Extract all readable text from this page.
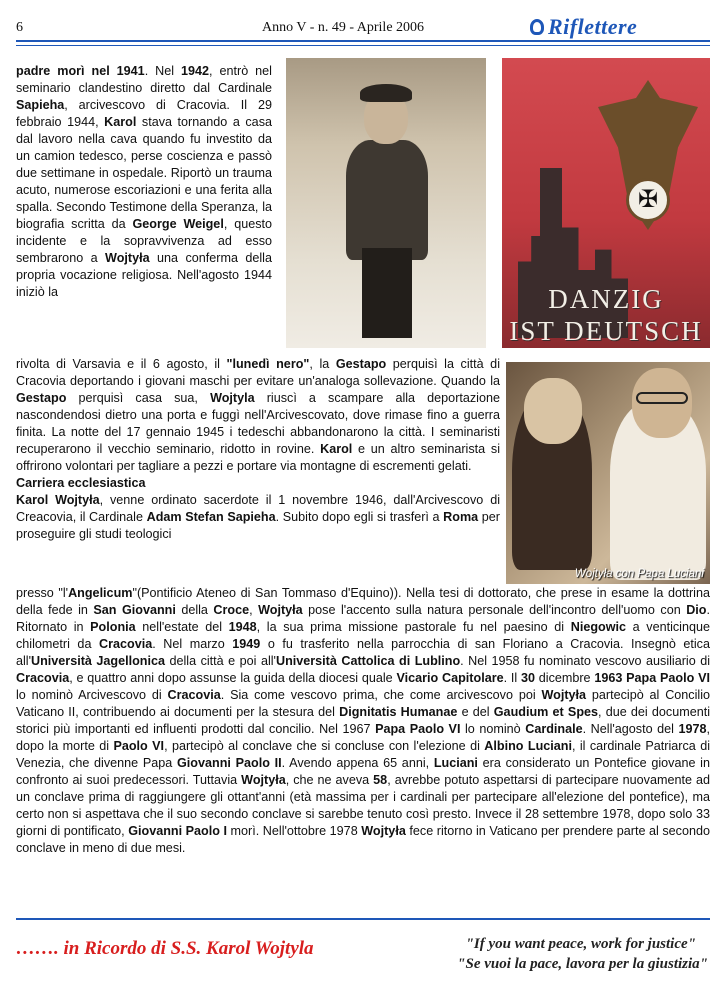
6	Anno V - n. 49 - Aprile 2006	Riflettere

padre morì nel 1941. Nel 1942, entrò nel seminario clandestino diretto dal Cardinale Sapieha, arcivescovo di Cracovia. Il 29 febbraio 1944, Karol stava tornando a casa dal lavoro nella cava quando fu investito da un camion tedesco, perse coscienza e passò due settimane in ospedale. Riportò un trauma acuto, numerose escoriazioni e una ferita alla spalla. Secondo Testimone della Speranza, la biografia scritta da George Weigel, questo incidente e la sopravvivenza ad esso sembrarono a Wojtyła una conferma della propria vocazione religiosa. Nell'agosto 1944 iniziò la

✠
DANZIG
IST DEUTSCH
rivolta di Varsavia e il 6 agosto, il "lunedì nero", la Gestapo perquisì la città di Cracovia deportando i giovani maschi per evitare un'analoga sollevazione. Quando la Gestapo perquisì casa sua, Wojtyla riuscì a scampare alla deportazione nascondendosi dietro una porta e fuggì nell'Arcivescovato, dove rimase fino a guerra finita. La notte del 17 gennaio 1945 i tedeschi abbandonarono la città. I seminaristi recuperarono il vecchio seminario, ridotto in rovine. Karol e un altro seminarista si offrirono volontari per tagliare a pezzi e portare via montagne di escrementi gelati.
Carriera ecclesiastica
Karol Wojtyła, venne ordinato sacerdote il 1 novembre 1946, dall'Arcivescovo di Creacovia, il Cardinale Adam Stefan Sapieha. Subito dopo egli si trasferì a Roma per proseguire gli studi teologici
Wojtyła con Papa Luciani

presso "l'Angelicum"(Pontificio Ateneo di San Tommaso d'Equino)). Nella tesi di dottorato, che prese in esame la dottrina della fede in San Giovanni della Croce, Wojtyła pose l'accento sulla natura personale dell'incontro dell'uomo con Dio. Ritornato in Polonia nell'estate del 1948, la sua prima missione pastorale fu nel paesino di Niegowic a venticinque chilometri da Cracovia. Nel marzo 1949 o fu trasferito nella parrocchia di san Floriano a Cracovia. Insegnò etica all'Università Jagellonica della città e poi all'Università Cattolica di Lublino. Nel 1958 fu nominato vescovo ausiliario di Cracovia, e quattro anni dopo assunse la guida della diocesi quale Vicario Capitolare. Il 30 dicembre 1963 Papa Paolo VI lo nominò Arcivescovo di Cracovia. Sia come vescovo prima, che come arcivescovo poi Wojtyła partecipò al Concilio Vaticano II, contribuendo ai documenti per la stesura del Dignitatis Humanae e del Gaudium et Spes, due dei documenti storici più importanti ed influenti prodotti dal concilio. Nel 1967 Papa Paolo VI lo nominò Cardinale. Nell'agosto del 1978, dopo la morte di Paolo VI, partecipò al conclave che si concluse con l'elezione di Albino Luciani, il cardinale Patriarca di Venezia, che divenne Papa Giovanni Paolo II. Avendo appena 65 anni, Luciani era considerato un Pontefice giovane in confronto ai suoi predecessori. Tuttavia Wojtyła, che ne aveva 58, avrebbe potuto aspettarsi di partecipare nuovamente ad un conclave prima di raggiungere gli ottant'anni (età massima per i cardinali per partecipare all'elezione del pontefice), ma certo non si aspettava che il suo secondo conclave si sarebbe tenuto così presto. Invece il 28 settembre 1978, dopo solo 33 giorni di pontificato, Giovanni Paolo I morì. Nell'ottobre 1978 Wojtyła fece ritorno in Vaticano per prendere parte al secondo conclave in meno di due mesi.

……. in Ricordo di S.S. Karol Wojtyla	"If you want peace, work for justice"
"Se vuoi la pace, lavora per la giustizia"
